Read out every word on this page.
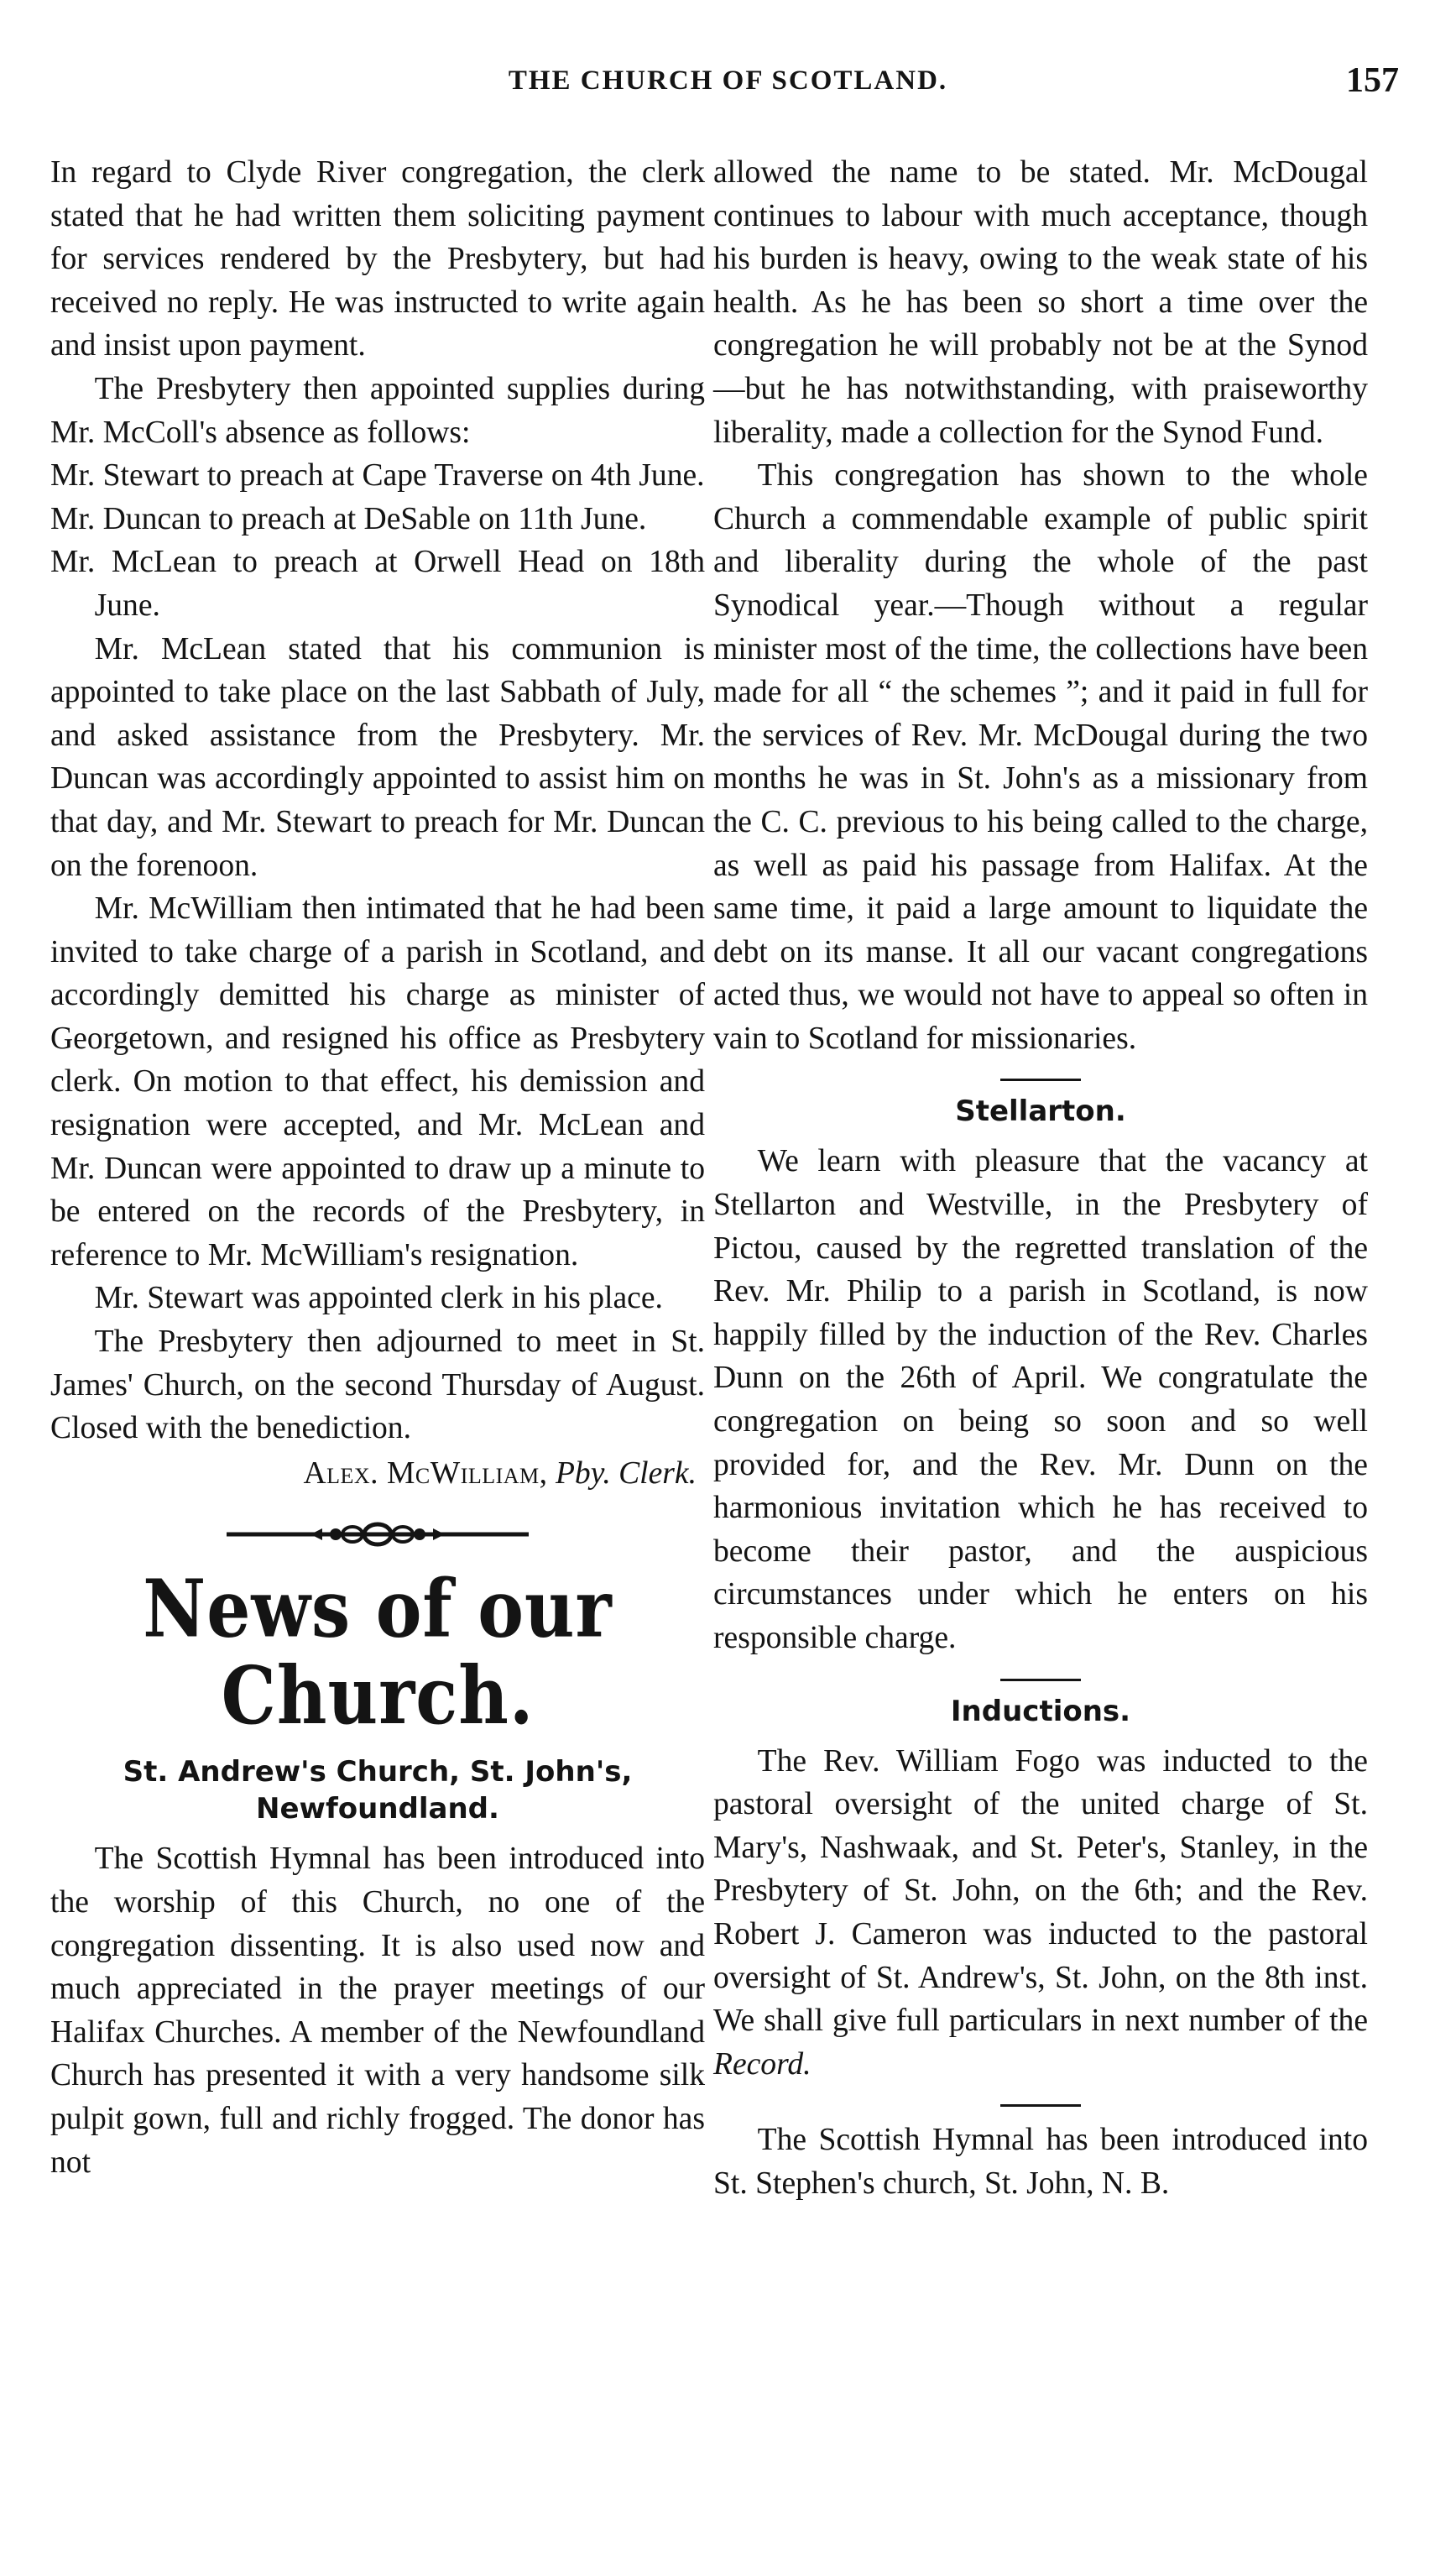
THE CHURCH OF SCOTLAND.	157

In regard to Clyde River congregation, the clerk stated that he had written them soliciting payment for services rendered by the Presbytery, but had received no reply. He was instructed to write again and insist upon payment.

The Presbytery then appointed supplies during Mr. McColl's absence as follows:

Mr. Stewart to preach at Cape Traverse on 4th June.

Mr. Duncan to preach at DeSable on 11th June.

Mr. McLean to preach at Orwell Head on 18th June.

Mr. McLean stated that his communion is appointed to take place on the last Sabbath of July, and asked assistance from the Presbytery. Mr. Duncan was accordingly appointed to assist him on that day, and Mr. Stewart to preach for Mr. Duncan on the forenoon.

Mr. McWilliam then intimated that he had been invited to take charge of a parish in Scotland, and accordingly demitted his charge as minister of Georgetown, and resigned his office as Presbytery clerk. On motion to that effect, his demission and resignation were accepted, and Mr. McLean and Mr. Duncan were appointed to draw up a minute to be entered on the records of the Presbytery, in reference to Mr. McWilliam's resignation.

Mr. Stewart was appointed clerk in his place.

The Presbytery then adjourned to meet in St. James' Church, on the second Thursday of August. Closed with the benediction.

Alex. McWilliam, Pby. Clerk.

News of our Church.
St. Andrew's Church, St. John's, Newfoundland.

The Scottish Hymnal has been introduced into the worship of this Church, no one of the congregation dissenting. It is also used now and much appreciated in the prayer meetings of our Halifax Churches. A member of the Newfoundland Church has presented it with a very handsome silk pulpit gown, full and richly frogged. The donor has not

allowed the name to be stated. Mr. McDougal continues to labour with much acceptance, though his burden is heavy, owing to the weak state of his health. As he has been so short a time over the congregation he will probably not be at the Synod—but he has notwithstanding, with praiseworthy liberality, made a collection for the Synod Fund.

This congregation has shown to the whole Church a commendable example of public spirit and liberality during the whole of the past Synodical year.—Though without a regular minister most of the time, the collections have been made for all “ the schemes ”; and it paid in full for the services of Rev. Mr. McDougal during the two months he was in St. John's as a missionary from the C. C. previous to his being called to the charge, as well as paid his passage from Halifax. At the same time, it paid a large amount to liquidate the debt on its manse. It all our vacant congregations acted thus, we would not have to appeal so often in vain to Scotland for missionaries.

Stellarton.

We learn with pleasure that the vacancy at Stellarton and Westville, in the Presbytery of Pictou, caused by the regretted translation of the Rev. Mr. Philip to a parish in Scotland, is now happily filled by the induction of the Rev. Charles Dunn on the 26th of April. We congratulate the congregation on being so soon and so well provided for, and the Rev. Mr. Dunn on the harmonious invitation which he has received to become their pastor, and the auspicious circumstances under which he enters on his responsible charge.

Inductions.

The Rev. William Fogo was inducted to the pastoral oversight of the united charge of St. Mary's, Nashwaak, and St. Peter's, Stanley, in the Presbytery of St. John, on the 6th; and the Rev. Robert J. Cameron was inducted to the pastoral oversight of St. Andrew's, St. John, on the 8th inst. We shall give full particulars in next number of the Record.

The Scottish Hymnal has been introduced into St. Stephen's church, St. John, N. B.
